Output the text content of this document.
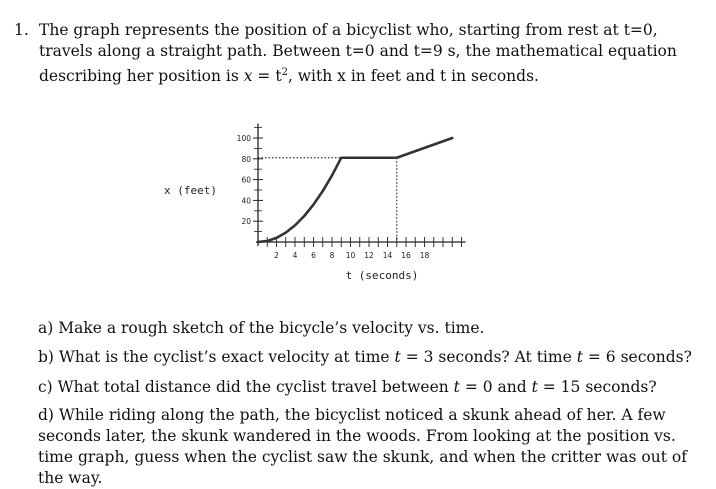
1. The graph represents the position of a bicyclist who, starting from rest at t=0, travels along a straight path. Between t=0 and t=9 s, the mathematical equation describing her position is $x = t^2$, with x in feet and t in seconds.
x (feet)
t (seconds)
20
40
60
80
100
2 4 6 8 10 12 14 16 18
a) Make a rough sketch of the bicycle’s velocity vs. time.
b) What is the cyclist’s exact velocity at time t = 3 seconds? At time t = 6 seconds?
c) What total distance did the cyclist travel between t = 0 and t = 15 seconds?
d) While riding along the path, the bicyclist noticed a skunk ahead of her. A few seconds later, the skunk wandered in the woods. From looking at the position vs. time graph, guess when the cyclist saw the skunk, and when the critter was out of the way.
